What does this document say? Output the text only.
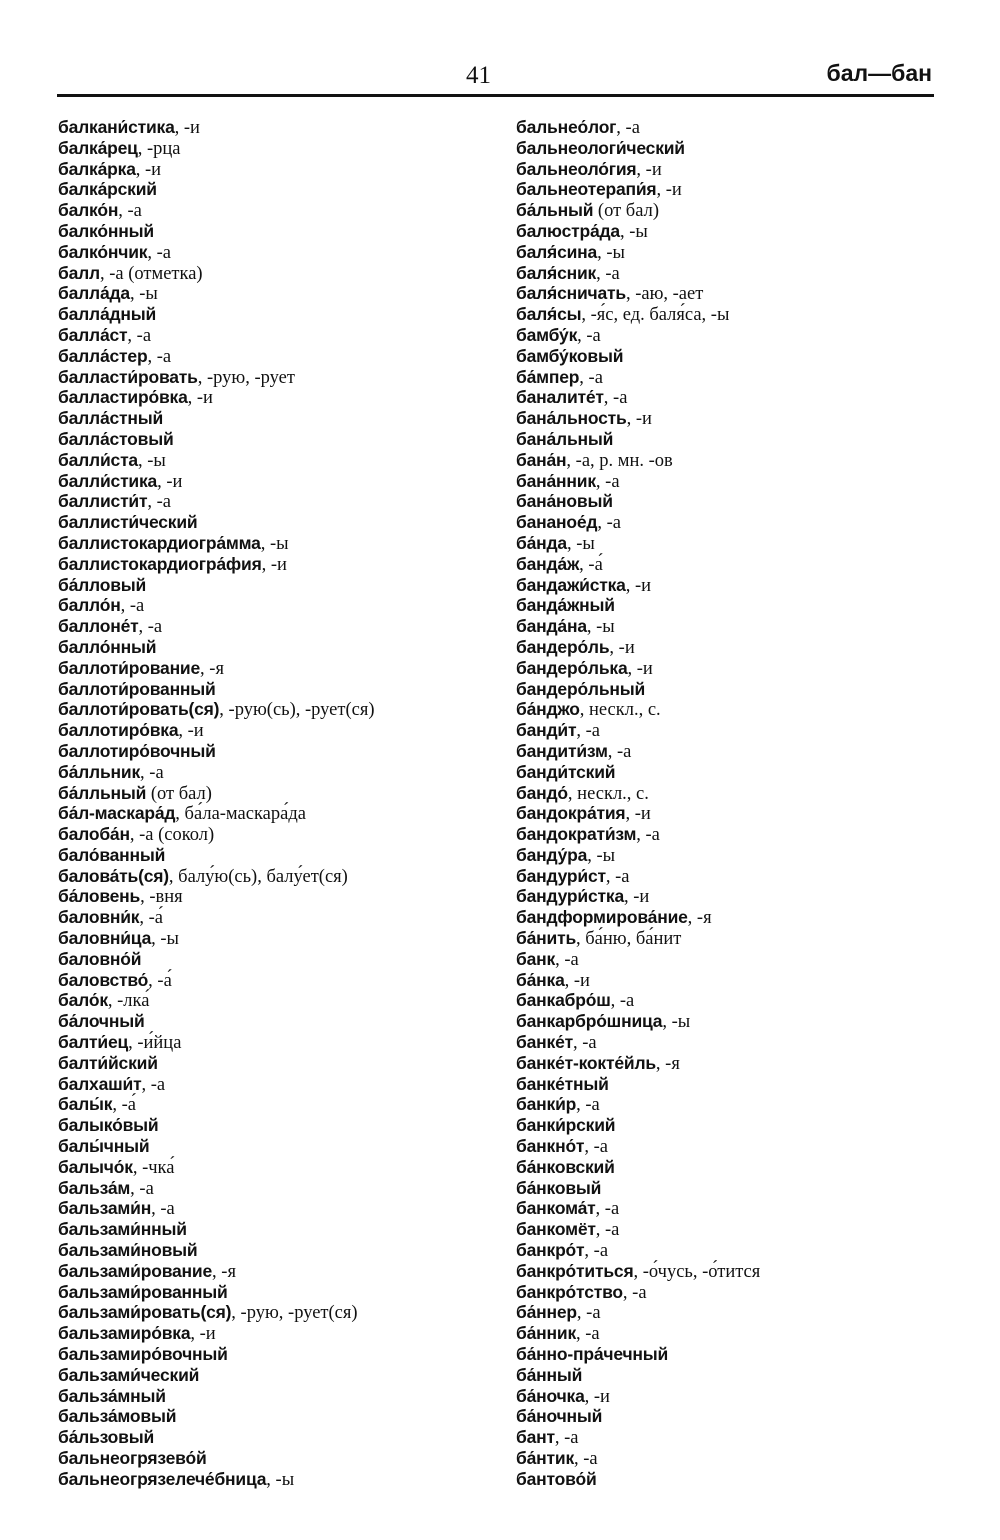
41	бал—бан
балкани́стика, -и
балка́рец, -рца
балка́рка, -и
балка́рский
балко́н, -а
балко́нный
балко́нчик, -а
балл, -а (отметка)
балла́да, -ы
балла́дный
балла́ст, -а
балла́стер, -а
балласти́ровать, -рую, -рует
балластиро́вка, -и
балла́стный
балла́стовый
балли́ста, -ы
балли́стика, -и
баллисти́т, -а
баллисти́ческий
баллистокардиогра́мма, -ы
баллистокардиогра́фия, -и
ба́лловый
балло́н, -а
баллоне́т, -а
балло́нный
баллоти́рование, -я
баллоти́рованный
баллоти́ровать(ся), -рую(сь), -рует(ся)
баллотиро́вка, -и
баллотиро́вочный
ба́лльник, -а
ба́лльный (от бал)
ба́л-маскара́д, ба́ла-маскара́да
балоба́н, -а (сокол)
бало́ванный
балова́ть(ся), балу́ю(сь), балу́ет(ся)
ба́ловень, -вня
баловни́к, -а́
баловни́ца, -ы
баловно́й
баловство́, -а́
бало́к, -лка́
ба́лочный
балти́ец, -и́йца
балти́йский
балхаши́т, -а
балы́к, -а́
балыко́вый
балы́чный
балычо́к, -чка́
бальза́м, -а
бальзами́н, -а
бальзами́нный
бальзами́новый
бальзами́рование, -я
бальзами́рованный
бальзами́ровать(ся), -рую, -рует(ся)
бальзамиро́вка, -и
бальзамиро́вочный
бальзами́ческий
бальза́мный
бальза́мовый
ба́льзовый
бальнеогрязево́й
бальнеогрязелече́бница, -ы
бальнео́лог, -а
бальнеологи́ческий
бальнеоло́гия, -и
бальнеотерапи́я, -и
ба́льный (от бал)
балюстра́да, -ы
баля́сина, -ы
баля́сник, -а
баля́сничать, -аю, -ает
баля́сы, -я́с, ед. баля́са, -ы
бамбу́к, -а
бамбу́ковый
ба́мпер, -а
баналите́т, -а
бана́льность, -и
бана́льный
бана́н, -а, р. мн. -ов
бана́нник, -а
бана́новый
бананое́д, -а
ба́нда, -ы
банда́ж, -а́
бандажи́стка, -и
банда́жный
банда́на, -ы
бандеро́ль, -и
бандеро́лька, -и
бандеро́льный
ба́нджо, нескл., с.
банди́т, -а
бандити́зм, -а
банди́тский
бандо́, нескл., с.
бандокра́тия, -и
бандократи́зм, -а
банду́ра, -ы
бандури́ст, -а
бандури́стка, -и
бандформирова́ние, -я
ба́нить, ба́ню, ба́нит
банк, -а
ба́нка, -и
банкабро́ш, -а
банкарбро́шница, -ы
банке́т, -а
банке́т-кокте́йль, -я
банке́тный
банки́р, -а
банки́рский
банкно́т, -а
ба́нковский
ба́нковый
банкома́т, -а
банкомёт, -а
банкро́т, -а
банкро́титься, -о́чусь, -о́тится
банкро́тство, -а
ба́ннер, -а
ба́нник, -а
ба́нно-пра́чечный
ба́нный
ба́ночка, -и
ба́ночный
бант, -а
ба́нтик, -а
бантово́й
